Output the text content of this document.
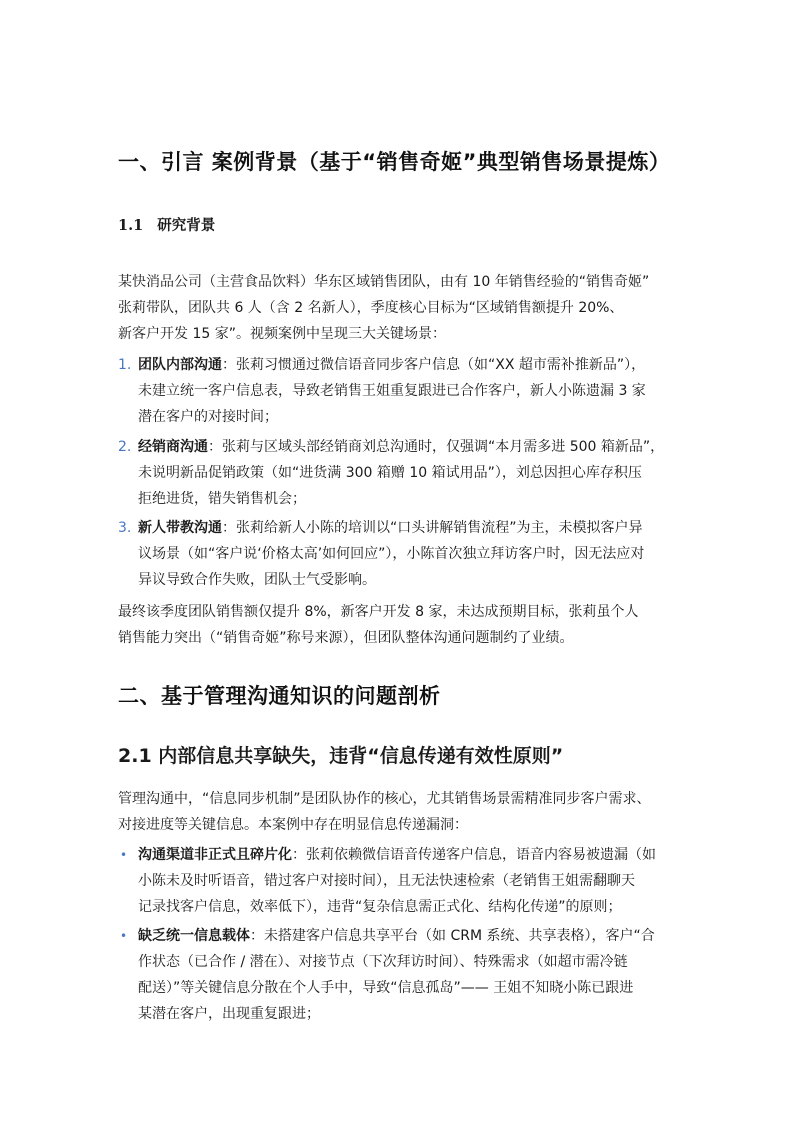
一、引言 案例背景（基于“销售奇姬”典型销售场景提炼）
1.1 研究背景
某快消品公司（主营食品饮料）华东区域销售团队，由有 10 年销售经验的“销售奇姬”
张莉带队，团队共 6 人（含 2 名新人），季度核心目标为“区域销售额提升 20%、
新客户开发 15 家”。视频案例中呈现三大关键场景：
1. 团队内部沟通：张莉习惯通过微信语音同步客户信息（如“XX 超市需补推新品”），
未建立统一客户信息表，导致老销售王姐重复跟进已合作客户，新人小陈遗漏 3 家
潜在客户的对接时间；
2. 经销商沟通：张莉与区域头部经销商刘总沟通时，仅强调“本月需多进 500 箱新品”，
未说明新品促销政策（如“进货满 300 箱赠 10 箱试用品”），刘总因担心库存积压
拒绝进货，错失销售机会；
3. 新人带教沟通：张莉给新人小陈的培训以“口头讲解销售流程”为主，未模拟客户异
议场景（如“客户说‘价格太高’如何回应”），小陈首次独立拜访客户时，因无法应对
异议导致合作失败，团队士气受影响。
最终该季度团队销售额仅提升 8%，新客户开发 8 家，未达成预期目标，张莉虽个人
销售能力突出（“销售奇姬”称号来源），但团队整体沟通问题制约了业绩。
二、基于管理沟通知识的问题剖析
2.1 内部信息共享缺失，违背“信息传递有效性原则”
管理沟通中，“信息同步机制”是团队协作的核心，尤其销售场景需精准同步客户需求、
对接进度等关键信息。本案例中存在明显信息传递漏洞：
• 沟通渠道非正式且碎片化：张莉依赖微信语音传递客户信息，语音内容易被遗漏（如
小陈未及时听语音，错过客户对接时间），且无法快速检索（老销售王姐需翻聊天
记录找客户信息，效率低下），违背“复杂信息需正式化、结构化传递”的原则；
• 缺乏统一信息载体：未搭建客户信息共享平台（如 CRM 系统、共享表格），客户“合
作状态（已合作 / 潜在）、对接节点（下次拜访时间）、特殊需求（如超市需冷链
配送）”等关键信息分散在个人手中，导致“信息孤岛”—— 王姐不知晓小陈已跟进
某潜在客户，出现重复跟进；
